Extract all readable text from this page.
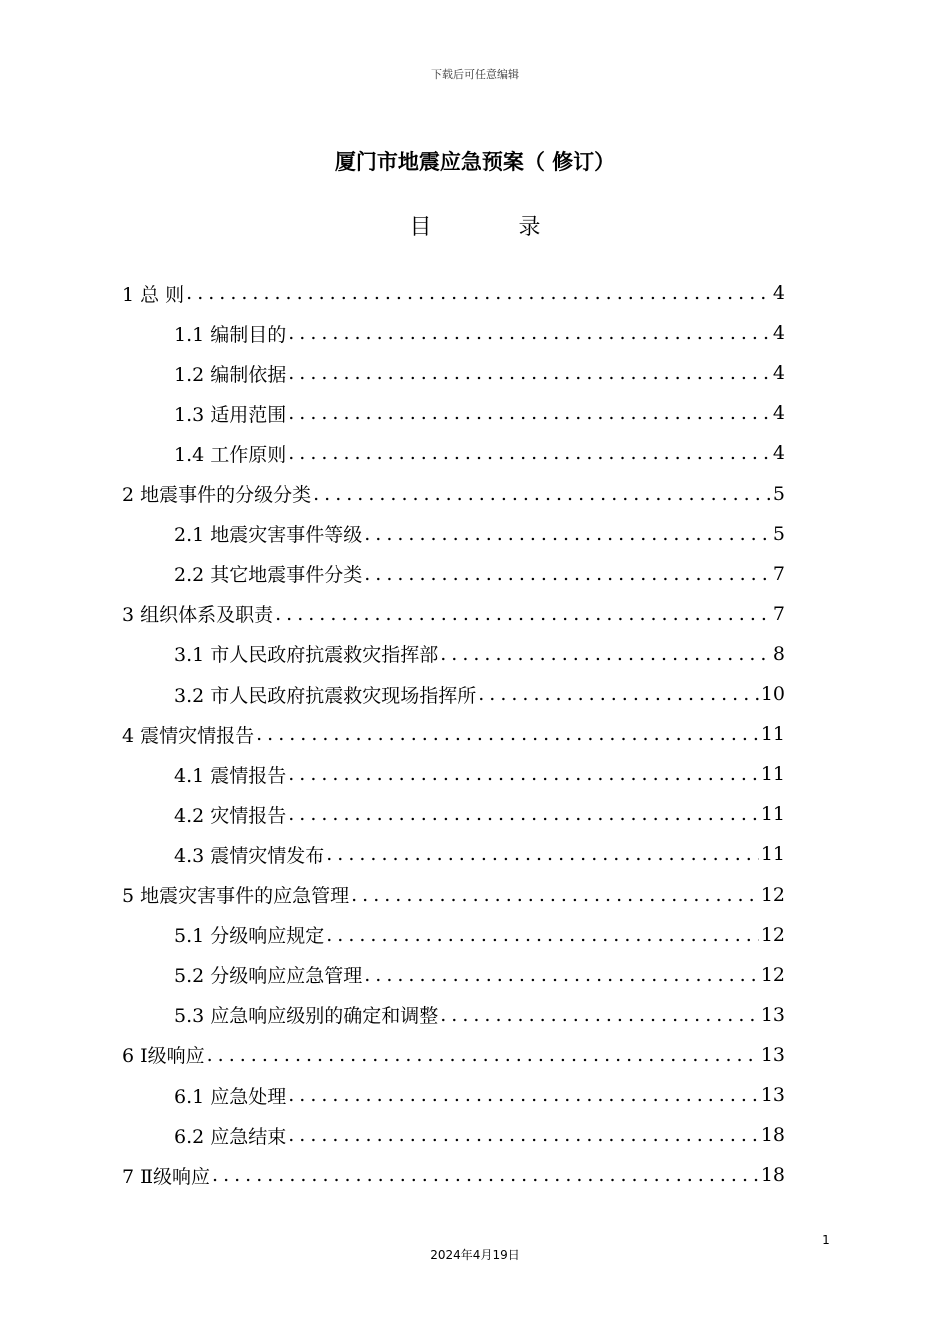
下载后可任意编辑
厦门市地震应急预案（ 修订）
目 录
1 总 则 .....	4
1.1 编制目的 .....	4
1.2 编制依据 .....	4
1.3 适用范围 .....	4
1.4 工作原则 .....	4
2 地震事件的分级分类 .....	5
2.1 地震灾害事件等级 .....	5
2.2 其它地震事件分类 .....	7
3 组织体系及职责 .....	7
3.1 市人民政府抗震救灾指挥部 .....	8
3.2 市人民政府抗震救灾现场指挥所 .....	10
4 震情灾情报告 .....	11
4.1 震情报告 .....	11
4.2 灾情报告 .....	11
4.3 震情灾情发布 .....	11
5 地震灾害事件的应急管理 .....	12
5.1 分级响应规定 .....	12
5.2 分级响应应急管理 .....	12
5.3 应急响应级别的确定和调整 .....	13
6 Ⅰ级响应 .....	13
6.1 应急处理 .....	13
6.2 应急结束 .....	18
7 Ⅱ级响应 .....	18
1
2024年4月19日
